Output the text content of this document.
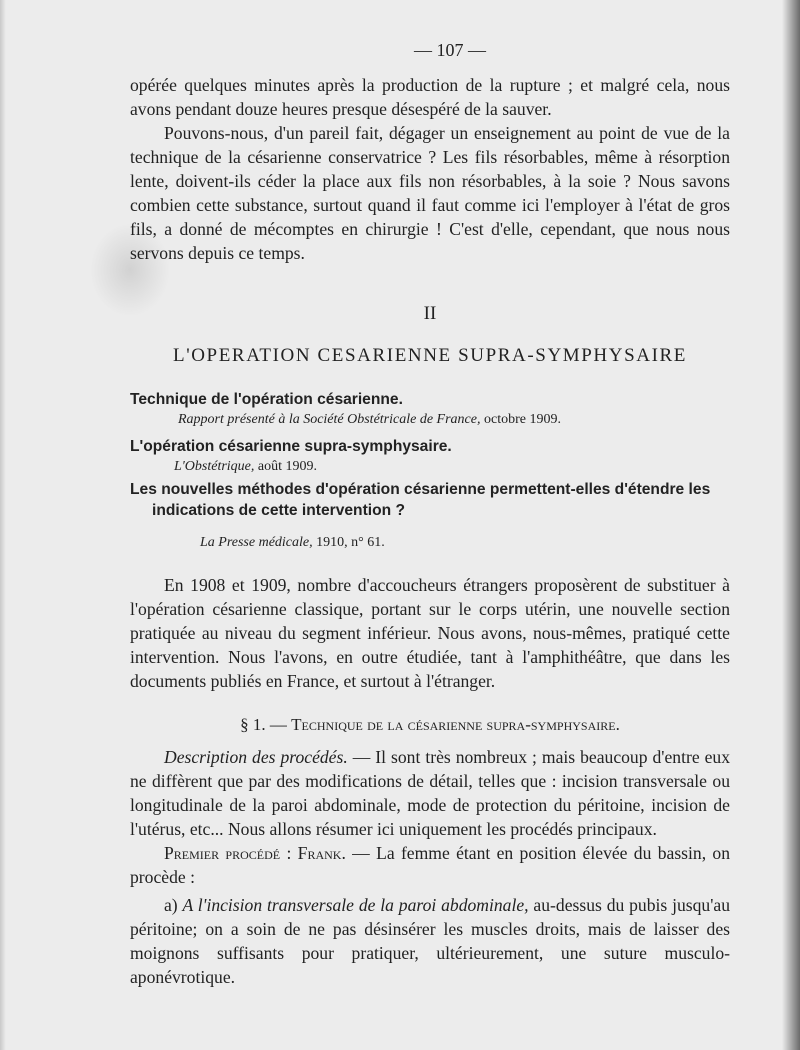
— 107 —

opérée quelques minutes après la production de la rupture ; et malgré cela, nous avons pendant douze heures presque désespéré de la sauver.

Pouvons-nous, d'un pareil fait, dégager un enseignement au point de vue de la technique de la césarienne conservatrice ? Les fils résorbables, même à résorption lente, doivent-ils céder la place aux fils non résorbables, à la soie ? Nous savons combien cette substance, surtout quand il faut comme ici l'employer à l'état de gros fils, a donné de mécomptes en chirurgie ! C'est d'elle, cependant, que nous nous servons depuis ce temps.

II
L'OPERATION CESARIENNE SUPRA-SYMPHYSAIRE
Technique de l'opération césarienne.
Rapport présenté à la Société Obstétricale de France, octobre 1909.
L'opération césarienne supra-symphysaire.
L'Obstétrique, août 1909.
Les nouvelles méthodes d'opération césarienne permettent-elles d'étendre les indications de cette intervention ?
La Presse médicale, 1910, n° 61.

En 1908 et 1909, nombre d'accoucheurs étrangers proposèrent de substituer à l'opération césarienne classique, portant sur le corps utérin, une nouvelle section pratiquée au niveau du segment inférieur. Nous avons, nous-mêmes, pratiqué cette intervention. Nous l'avons, en outre étudiée, tant à l'amphithéâtre, que dans les documents publiés en France, et surtout à l'étranger.

§ 1. — Technique de la césarienne supra-symphysaire.

Description des procédés. — Il sont très nombreux ; mais beaucoup d'entre eux ne diffèrent que par des modifications de détail, telles que : incision transversale ou longitudinale de la paroi abdominale, mode de protection du péritoine, incision de l'utérus, etc... Nous allons résumer ici uniquement les procédés principaux.

Premier procédé : Frank. — La femme étant en position élevée du bassin, on procède :

a) A l'incision transversale de la paroi abdominale, au-dessus du pubis jusqu'au péritoine; on a soin de ne pas désinsérer les muscles droits, mais de laisser des moignons suffisants pour pratiquer, ultérieurement, une suture musculo-aponévrotique.
